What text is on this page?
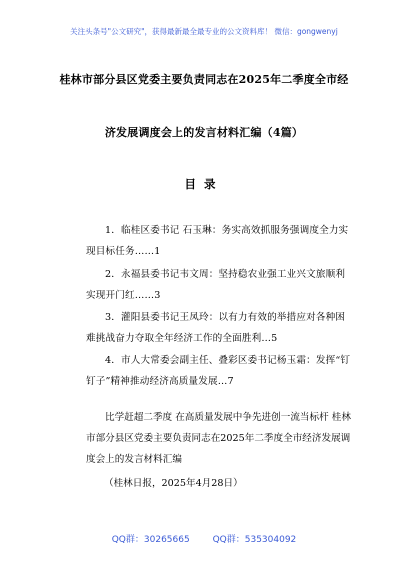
关注头条号"公文研究"，获得最新最全最专业的公文资料库！ 微信：gongwenyj
桂林市部分县区党委主要负责同志在2025年二季度全市经
济发展调度会上的发言材料汇编（4篇）
目录

1．临桂区委书记 石玉琳：务实高效抓服务强调度全力实现目标任务……1

2．永福县委书记韦文周：坚持稳农业强工业兴文旅顺利实现开门红……3

3．灌阳县委书记王凤玲：以有力有效的举措应对各种困难挑战奋力夺取全年经济工作的全面胜利…5

4．市人大常委会副主任、叠彩区委书记杨玉霜：发挥“钉钉子”精神推动经济高质量发展…7

比学赶超二季度 在高质量发展中争先进创一流当标杆 桂林市部分县区党委主要负责同志在2025年二季度全市经济发展调度会上的发言材料汇编

（桂林日报，2025年4月28日）
QQ群：30265665	QQ群：535304092
